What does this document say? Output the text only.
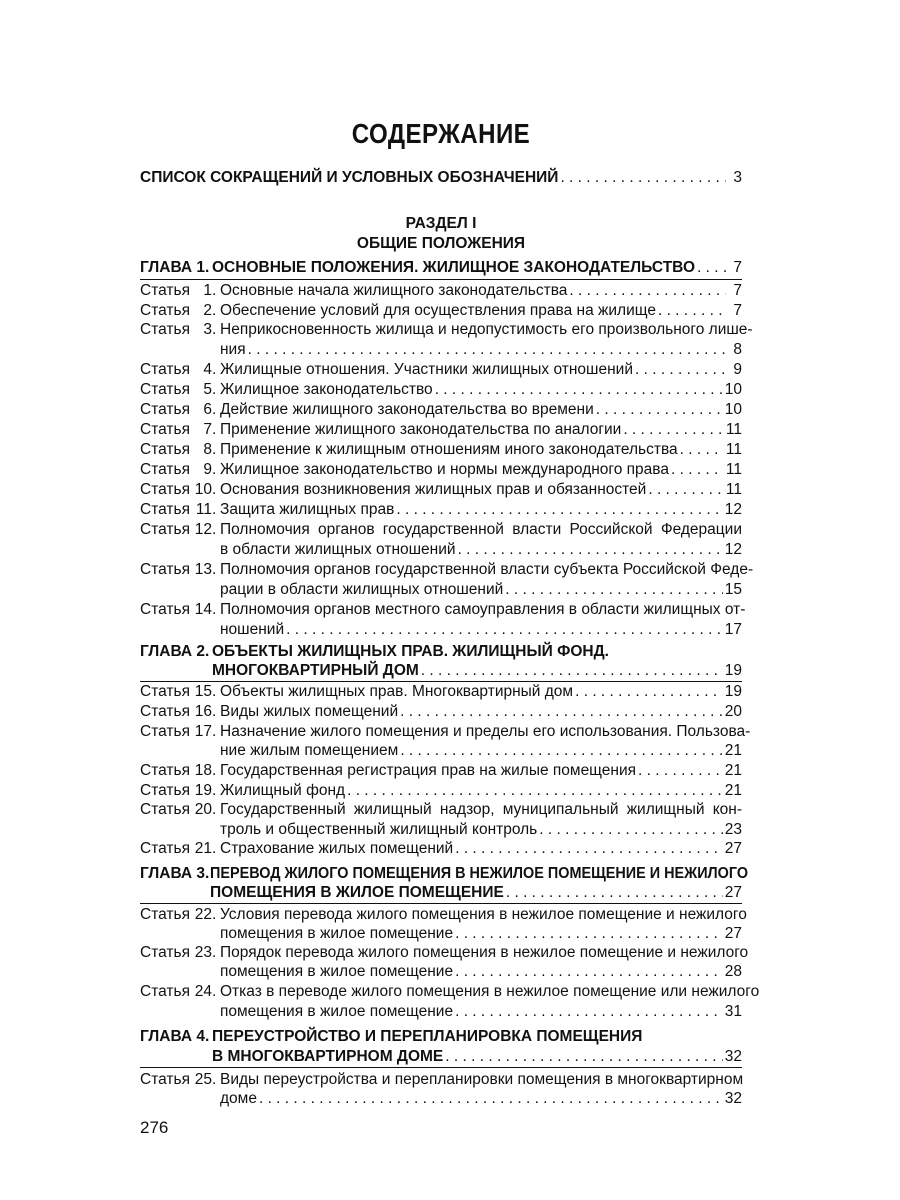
СОДЕРЖАНИЕ
СПИСОК СОКРАЩЕНИЙ И УСЛОВНЫХ ОБОЗНАЧЕНИЙ . . .	3
РАЗДЕЛ I
ОБЩИЕ ПОЛОЖЕНИЯ
ГЛАВА 1. ОСНОВНЫЕ ПОЛОЖЕНИЯ. ЖИЛИЩНОЕ ЗАКОНОДАТЕЛЬСТВО . . .	7
Статья 1. Основные начала жилищного законодательства . . .	7
Статья 2. Обеспечение условий для осуществления права на жилище . . .	7
Статья 3. Неприкосновенность жилища и недопустимость его произвольного лише-
ния . . .	8
Статья 4. Жилищные отношения. Участники жилищных отношений . . .	9
Статья 5. Жилищное законодательство . . .	10
Статья 6. Действие жилищного законодательства во времени . . .	10
Статья 7. Применение жилищного законодательства по аналогии . . .	11
Статья 8. Применение к жилищным отношениям иного законодательства . . .	11
Статья 9. Жилищное законодательство и нормы международного права . . .	11
Статья 10. Основания возникновения жилищных прав и обязанностей . . .	11
Статья 11. Защита жилищных прав . . .	12
Статья 12. Полномочия органов государственной власти Российской Федерации
в области жилищных отношений . . .	12
Статья 13. Полномочия органов государственной власти субъекта Российской Феде-
рации в области жилищных отношений . . .	15
Статья 14. Полномочия органов местного самоуправления в области жилищных от-
ношений . . .	17
ГЛАВА 2. ОБЪЕКТЫ ЖИЛИЩНЫХ ПРАВ. ЖИЛИЩНЫЙ ФОНД.
МНОГОКВАРТИРНЫЙ ДОМ . . .	19
Статья 15. Объекты жилищных прав. Многоквартирный дом . . .	19
Статья 16. Виды жилых помещений . . .	20
Статья 17. Назначение жилого помещения и пределы его использования. Пользова-
ние жилым помещением . . .	21
Статья 18. Государственная регистрация прав на жилые помещения . . .	21
Статья 19. Жилищный фонд . . .	21
Статья 20. Государственный жилищный надзор, муниципальный жилищный кон-
троль и общественный жилищный контроль . . .	23
Статья 21. Страхование жилых помещений . . .	27
ГЛАВА 3. ПЕРЕВОД ЖИЛОГО ПОМЕЩЕНИЯ В НЕЖИЛОЕ ПОМЕЩЕНИЕ И НЕЖИЛОГО
ПОМЕЩЕНИЯ В ЖИЛОЕ ПОМЕЩЕНИЕ . . .	27
Статья 22. Условия перевода жилого помещения в нежилое помещение и нежилого
помещения в жилое помещение . . .	27
Статья 23. Порядок перевода жилого помещения в нежилое помещение и нежилого
помещения в жилое помещение . . .	28
Статья 24. Отказ в переводе жилого помещения в нежилое помещение или нежилого
помещения в жилое помещение . . .	31
ГЛАВА 4. ПЕРЕУСТРОЙСТВО И ПЕРЕПЛАНИРОВКА ПОМЕЩЕНИЯ
В МНОГОКВАРТИРНОМ ДОМЕ . . .	32
Статья 25. Виды переустройства и перепланировки помещения в многоквартирном
доме . . .	32
276
